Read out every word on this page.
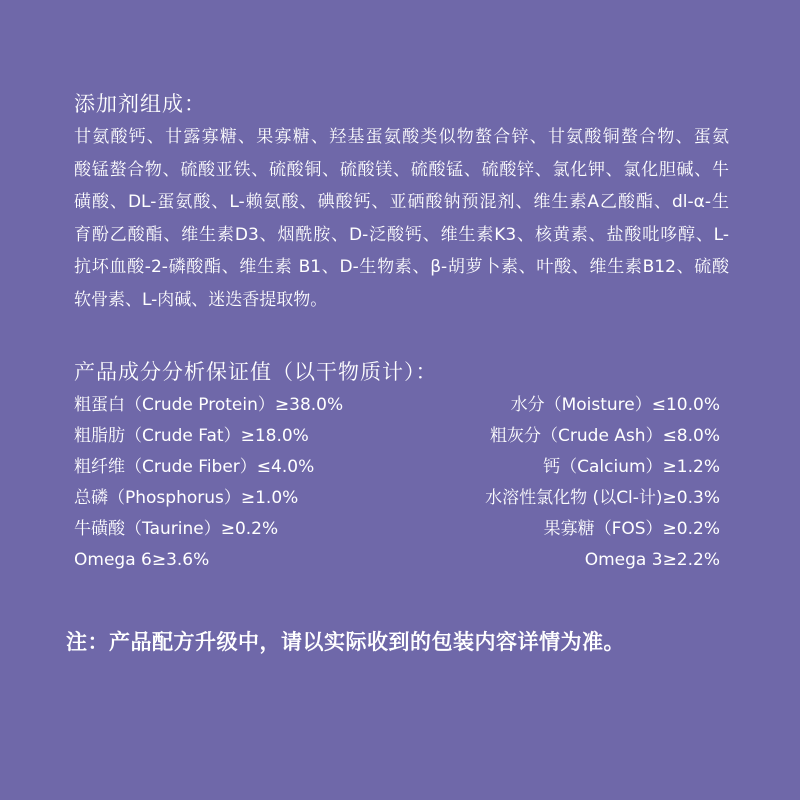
添加剂组成：
甘氨酸钙、甘露寡糖、果寡糖、羟基蛋氨酸类似物螯合锌、甘氨酸铜螯合物、蛋氨
酸锰螯合物、硫酸亚铁、硫酸铜、硫酸镁、硫酸锰、硫酸锌、氯化钾、氯化胆碱、牛
磺酸、DL-蛋氨酸、L-赖氨酸、碘酸钙、亚硒酸钠预混剂、维生素A乙酸酯、dl-α-生
育酚乙酸酯、维生素D3、烟酰胺、D-泛酸钙、维生素K3、核黄素、盐酸吡哆醇、L-
抗坏血酸-2-磷酸酯、维生素 B1、D-生物素、β-胡萝卜素、叶酸、维生素B12、硫酸
软骨素、L-肉碱、迷迭香提取物。
产品成分分析保证值（以干物质计）：
粗蛋白（Crude Protein）≥38.0%	水分（Moisture）≤10.0%
粗脂肪（Crude Fat）≥18.0%	粗灰分（Crude Ash）≤8.0%
粗纤维（Crude Fiber）≤4.0%	钙（Calcium）≥1.2%
总磷（Phosphorus）≥1.0%	水溶性氯化物 (以Cl-计)≥0.3%
牛磺酸（Taurine）≥0.2%	果寡糖（FOS）≥0.2%
Omega 6≥3.6%	Omega 3≥2.2%
注：产品配方升级中，请以实际收到的包装内容详情为准。
